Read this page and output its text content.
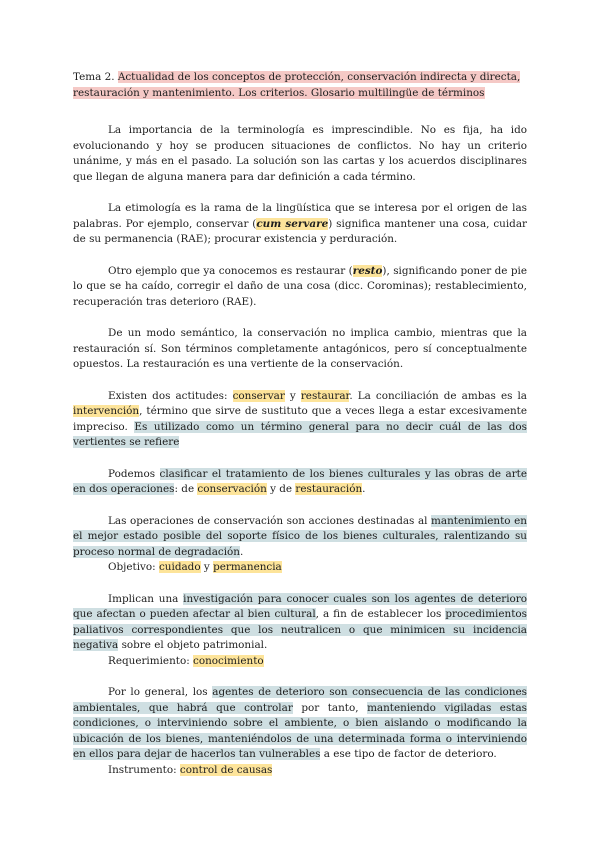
Tema 2. Actualidad de los conceptos de protección, conservación indirecta y directa, restauración y mantenimiento. Los criterios. Glosario multilingüe de términos

La importancia de la terminología es imprescindible. No es fija, ha ido evolucionando y hoy se producen situaciones de conflictos. No hay un criterio unánime, y más en el pasado. La solución son las cartas y los acuerdos disciplinares que llegan de alguna manera para dar definición a cada término.

La etimología es la rama de la lingüística que se interesa por el origen de las palabras. Por ejemplo, conservar (cum servare) significa mantener una cosa, cuidar de su permanencia (RAE); procurar existencia y perduración.

Otro ejemplo que ya conocemos es restaurar (resto), significando poner de pie lo que se ha caído, corregir el daño de una cosa (dicc. Corominas); restablecimiento, recuperación tras deterioro (RAE).

De un modo semántico, la conservación no implica cambio, mientras que la restauración sí. Son términos completamente antagónicos, pero sí conceptualmente opuestos. La restauración es una vertiente de la conservación.

Existen dos actitudes: conservar y restaurar. La conciliación de ambas es la intervención, término que sirve de sustituto que a veces llega a estar excesivamente impreciso. Es utilizado como un término general para no decir cuál de las dos vertientes se refiere

Podemos clasificar el tratamiento de los bienes culturales y las obras de arte en dos operaciones: de conservación y de restauración.

Las operaciones de conservación son acciones destinadas al mantenimiento en el mejor estado posible del soporte físico de los bienes culturales, ralentizando su proceso normal de degradación.

Objetivo: cuidado y permanencia

Implican una investigación para conocer cuales son los agentes de deterioro que afectan o pueden afectar al bien cultural, a fin de establecer los procedimientos paliativos correspondientes que los neutralicen o que minimicen su incidencia negativa sobre el objeto patrimonial.

Requerimiento: conocimiento

Por lo general, los agentes de deterioro son consecuencia de las condiciones ambientales, que habrá que controlar por tanto, manteniendo vigiladas estas condiciones, o interviniendo sobre el ambiente, o bien aislando o modificando la ubicación de los bienes, manteniéndolos de una determinada forma o interviniendo en ellos para dejar de hacerlos tan vulnerables a ese tipo de factor de deterioro.

Instrumento: control de causas
